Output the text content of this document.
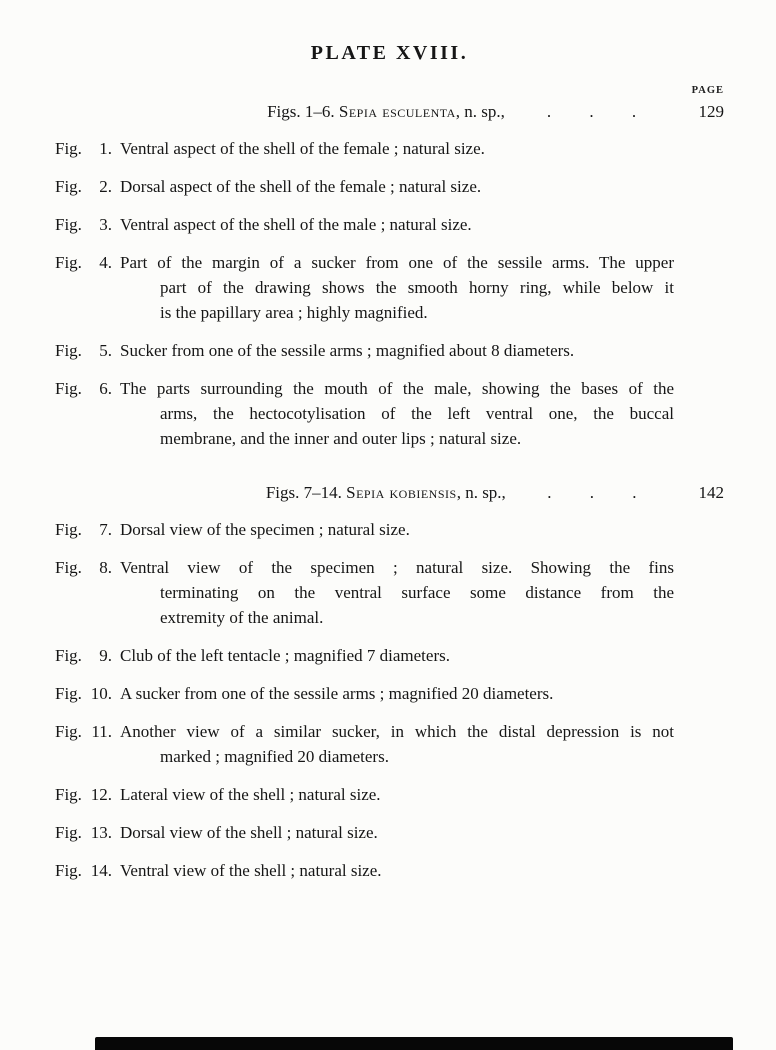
PLATE XVIII.
PAGE
Figs. 1–6. Sepia esculenta, n. sp.,	. . .	129
Fig. 1. Ventral aspect of the shell of the female ; natural size.
Fig. 2. Dorsal aspect of the shell of the female ; natural size.
Fig. 3. Ventral aspect of the shell of the male ; natural size.
Fig. 4. Part of the margin of a sucker from one of the sessile arms. The upper
part of the drawing shows the smooth horny ring, while below it
is the papillary area ; highly magnified.
Fig. 5. Sucker from one of the sessile arms ; magnified about 8 diameters.
Fig. 6. The parts surrounding the mouth of the male, showing the bases of the
arms, the hectocotylisation of the left ventral one, the buccal
membrane, and the inner and outer lips ; natural size.
Figs. 7–14. Sepia kobiensis, n. sp.,	. . .	142
Fig. 7. Dorsal view of the specimen ; natural size.
Fig. 8. Ventral view of the specimen ; natural size. Showing the fins
terminating on the ventral surface some distance from the
extremity of the animal.
Fig. 9. Club of the left tentacle ; magnified 7 diameters.
Fig. 10. A sucker from one of the sessile arms ; magnified 20 diameters.
Fig. 11. Another view of a similar sucker, in which the distal depression is not
marked ; magnified 20 diameters.
Fig. 12. Lateral view of the shell ; natural size.
Fig. 13. Dorsal view of the shell ; natural size.
Fig. 14. Ventral view of the shell ; natural size.
